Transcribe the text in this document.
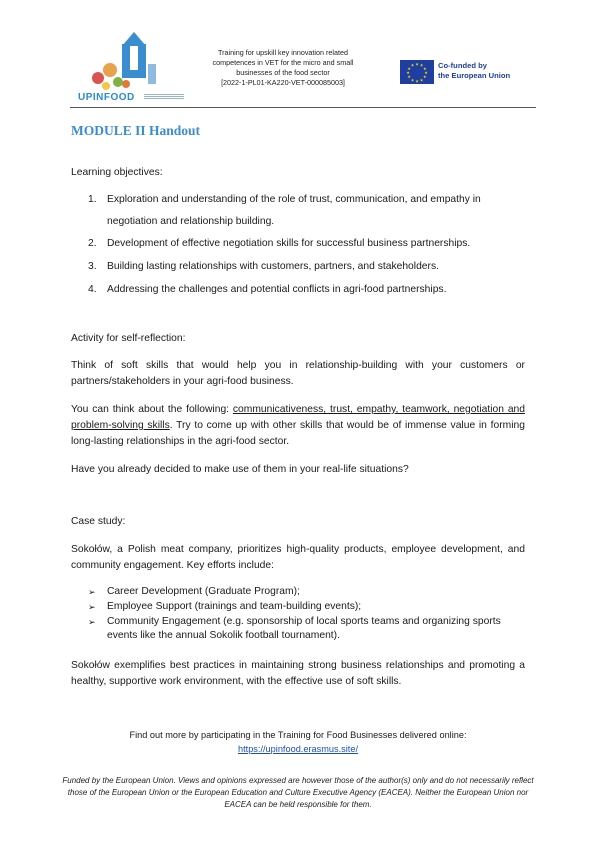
UPINFOOD
Training for upskill key innovation related
competences in VET for the micro and small
businesses of the food sector
[2022-1-PL01-KA220-VET-000085003]
★ ★
★
★
★
★
★
★
★
★
★
★	Co-funded by
the European Union
MODULE II Handout
Learning objectives:
1. Exploration and understanding of the role of trust, communication, and empathy in
negotiation and relationship building.
2. Development of effective negotiation skills for successful business partnerships.
3. Building lasting relationships with customers, partners, and stakeholders.
4. Addressing the challenges and potential conflicts in agri-food partnerships.
Activity for self-reflection:
Think of soft skills that would help you in relationship-building with your customers or partners/stakeholders in your agri-food business.
You can think about the following: communicativeness, trust, empathy, teamwork, negotiation and problem-solving skills. Try to come up with other skills that would be of immense value in forming long-lasting relationships in the agri-food sector.
Have you already decided to make use of them in your real-life situations?
Case study:
Sokołów, a Polish meat company, prioritizes high-quality products, employee development, and community engagement. Key efforts include:
➢ Career Development (Graduate Program);
➢ Employee Support (trainings and team-building events);
➢ Community Engagement (e.g. sponsorship of local sports teams and organizing sports events like the annual Sokolik football tournament).
Sokołów exemplifies best practices in maintaining strong business relationships and promoting a healthy, supportive work environment, with the effective use of soft skills.
Find out more by participating in the Training for Food Businesses delivered online:
https://upinfood.erasmus.site/
Funded by the European Union. Views and opinions expressed are however those of the author(s) only and do not necessarily reflect those of the European Union or the European Education and Culture Executive Agency (EACEA). Neither the European Union nor EACEA can be held responsible for them.
